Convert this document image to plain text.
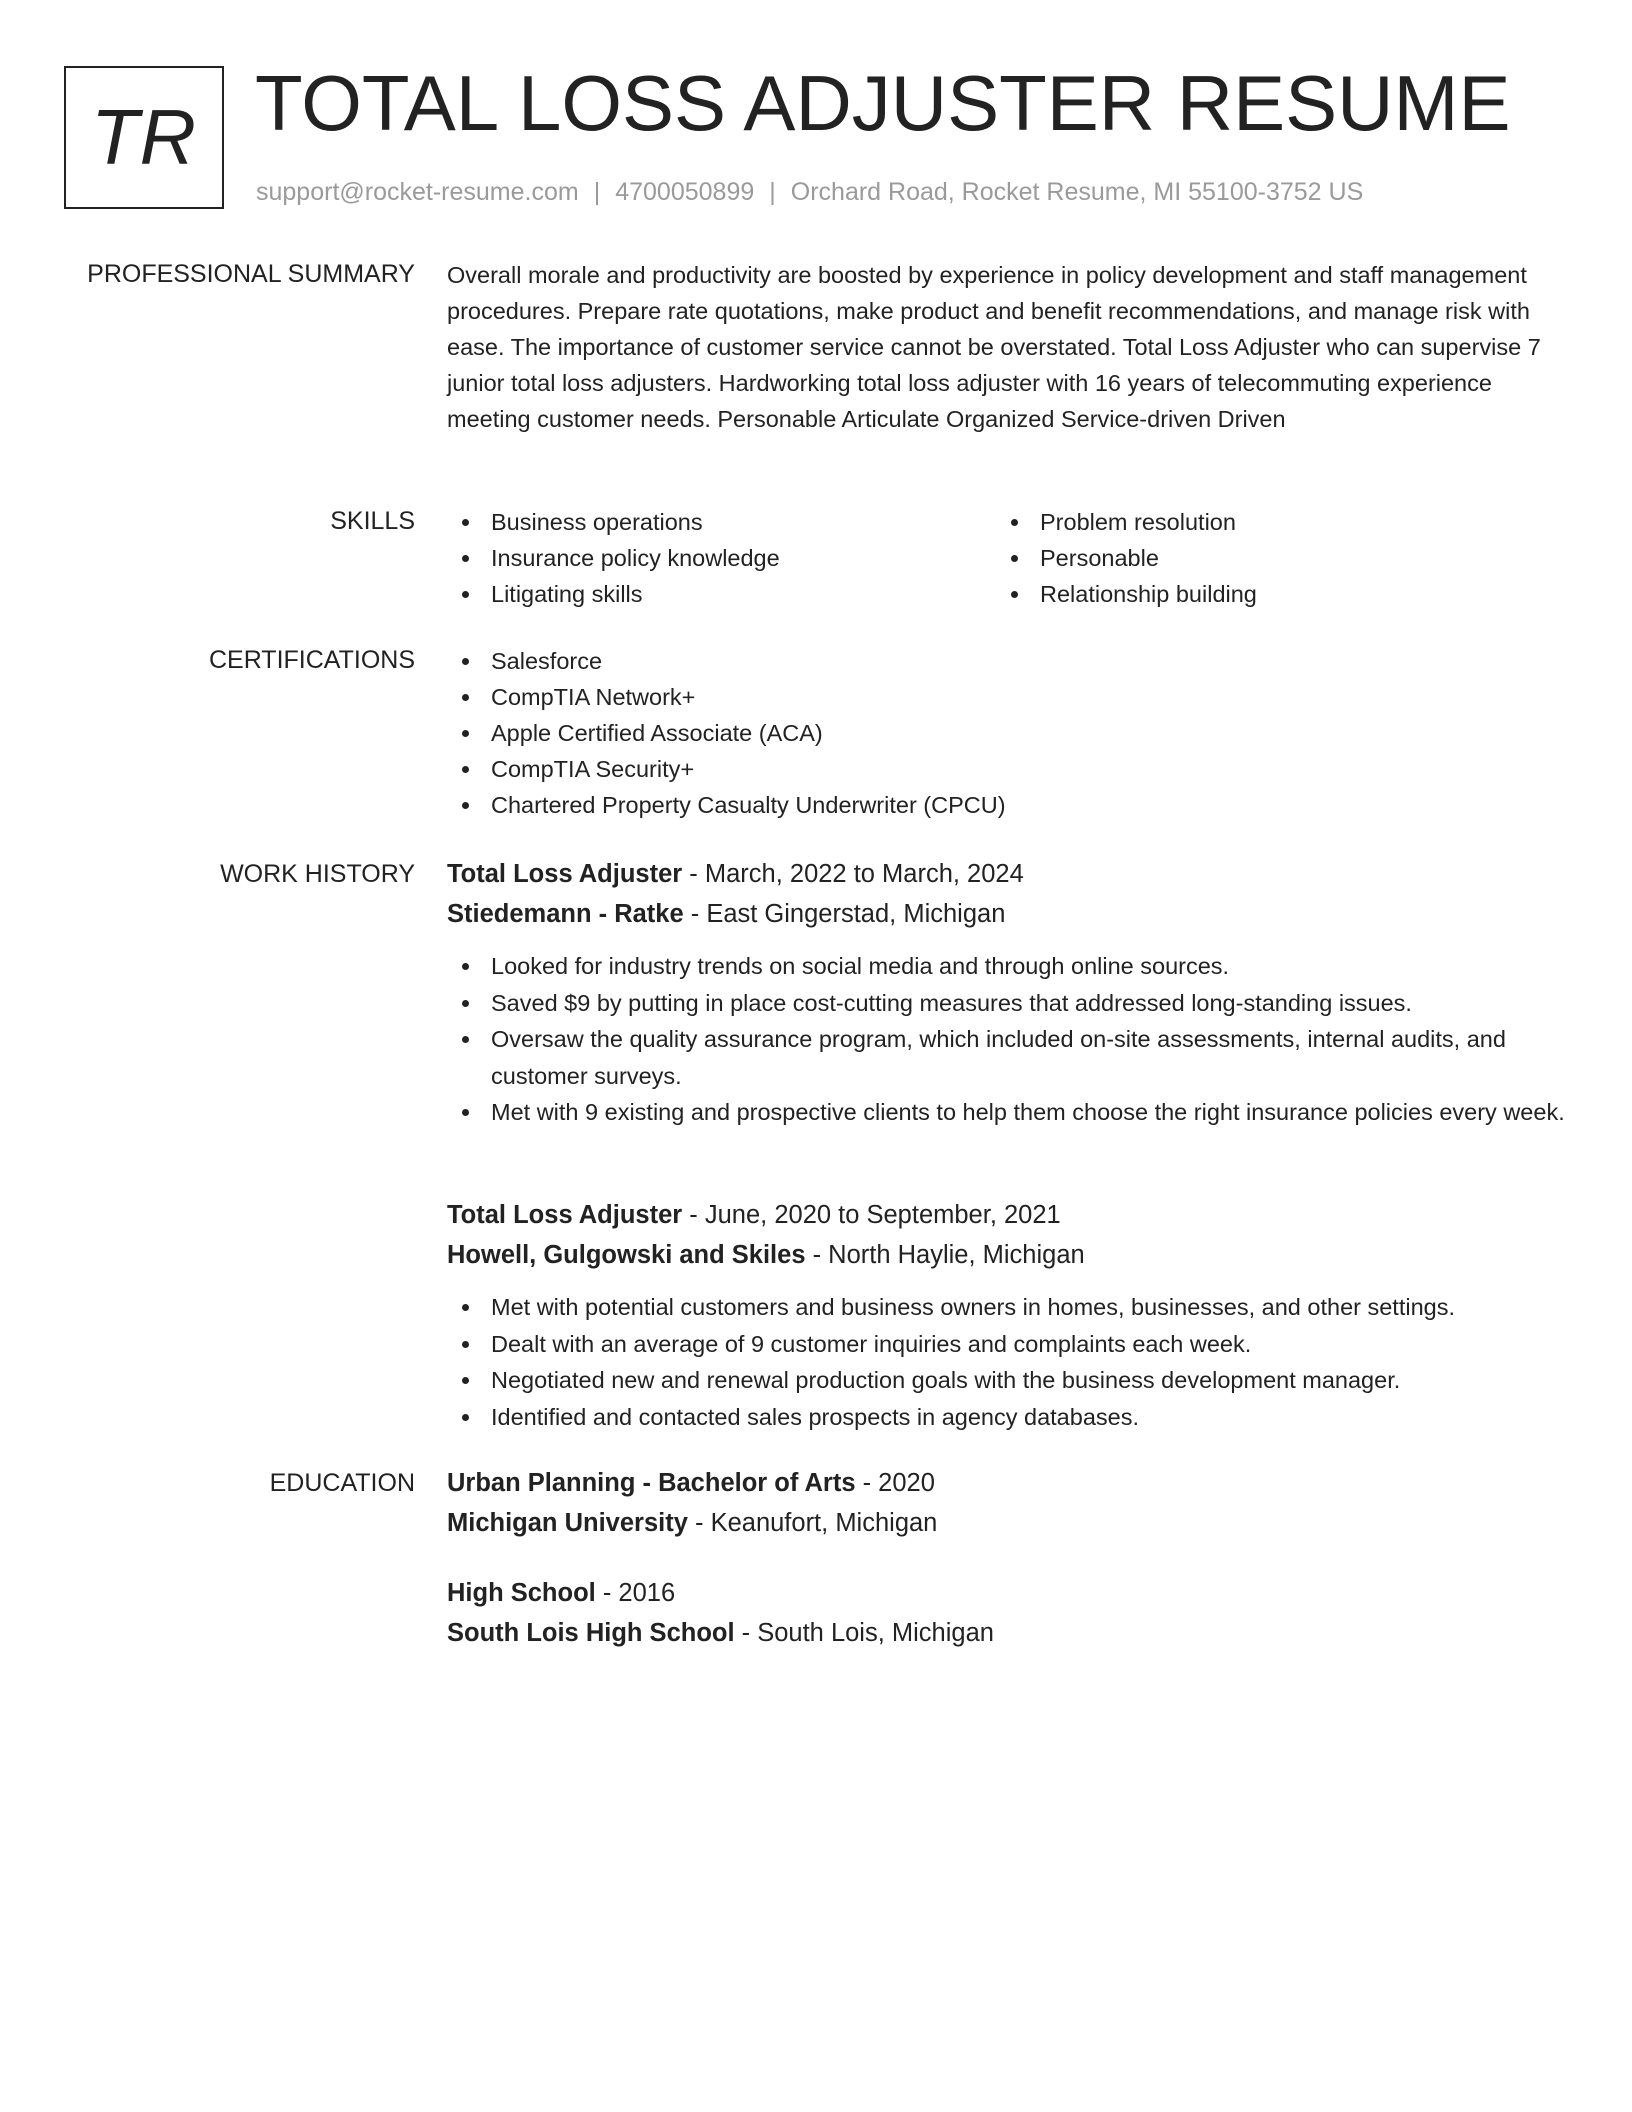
TR TOTAL LOSS ADJUSTER RESUME
support@rocket-resume.com | 4700050899 | Orchard Road, Rocket Resume, MI 55100-3752 US
PROFESSIONAL SUMMARY Overall morale and productivity are boosted by experience in policy development and staff management procedures. Prepare rate quotations, make product and benefit recommendations, and manage risk with ease. The importance of customer service cannot be overstated. Total Loss Adjuster who can supervise 7 junior total loss adjusters. Hardworking total loss adjuster with 16 years of telecommuting experience meeting customer needs. Personable Articulate Organized Service-driven Driven

SKILLS	Business operations
Insurance policy knowledge
Litigating skills
Problem resolution
Personable
Relationship building
CERTIFICATIONS	Salesforce
CompTIA Network+
Apple Certified Associate (ACA)
CompTIA Security+
Chartered Property Casualty Underwriter (CPCU)
WORK HISTORY Total Loss Adjuster - March, 2022 to March, 2024
Stiedemann - Ratke - East Gingerstad, Michigan
Looked for industry trends on social media and through online sources.
Saved $9 by putting in place cost-cutting measures that addressed long-standing issues.
Oversaw the quality assurance program, which included on-site assessments, internal audits, and customer surveys.
Met with 9 existing and prospective clients to help them choose the right insurance policies every week.
Total Loss Adjuster - June, 2020 to September, 2021
Howell, Gulgowski and Skiles - North Haylie, Michigan
Met with potential customers and business owners in homes, businesses, and other settings.
Dealt with an average of 9 customer inquiries and complaints each week.
Negotiated new and renewal production goals with the business development manager.
Identified and contacted sales prospects in agency databases.
EDUCATION Urban Planning - Bachelor of Arts - 2020
Michigan University - Keanufort, Michigan
High School - 2016
South Lois High School - South Lois, Michigan
